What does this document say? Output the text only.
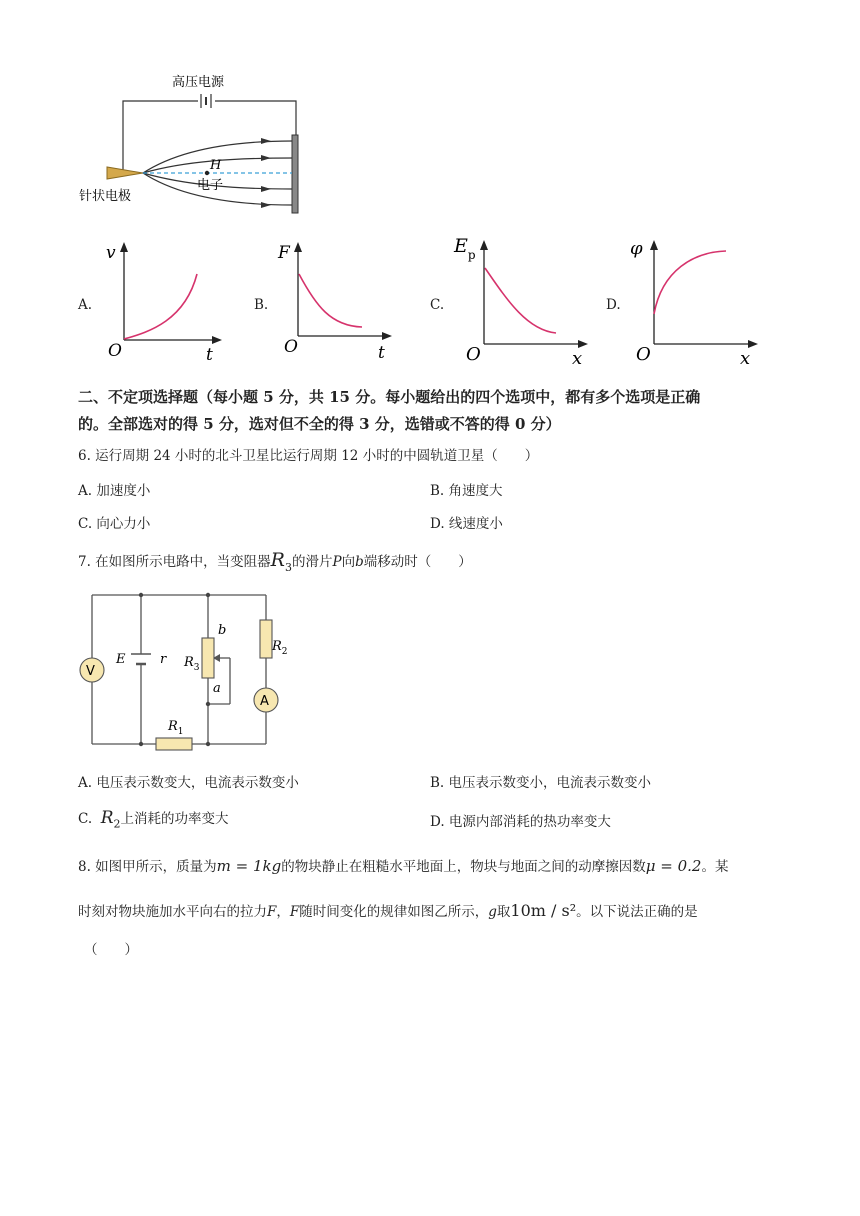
高压电源
H
电子
针状电极
A.
v
O	t
B.
F
O	t
C.
$E_p$
O	x
D.
φ
O	x
二、不定项选择题（每小题 5 分，共 15 分。每小题给出的四个选项中，都有多个选项是正确
的。全部选对的得 5 分，选对但不全的得 3 分，选错或不答的得 0 分）
6. 运行周期 24 小时的北斗卫星比运行周期 12 小时的中圆轨道卫星（　　）
A. 加速度小	B. 角速度大
C. 向心力小	D. 线速度小
7. 在如图所示电路中，当变阻器$R_3$的滑片P向b端移动时（　　）
V
A
E	r $R_3$
$R_2$
$R_1$
b
a
A. 电压表示数变大，电流表示数变小	B. 电压表示数变小，电流表示数变小
C. $R_2$上消耗的功率变大	D. 电源内部消耗的热功率变大
8. 如图甲所示，质量为m = 1kg的物块静止在粗糙水平地面上，物块与地面之间的动摩擦因数μ = 0.2。某
时刻对物块施加水平向右的拉力F，F随时间变化的规律如图乙所示，g取10m / s²。以下说法正确的是
（　　）
